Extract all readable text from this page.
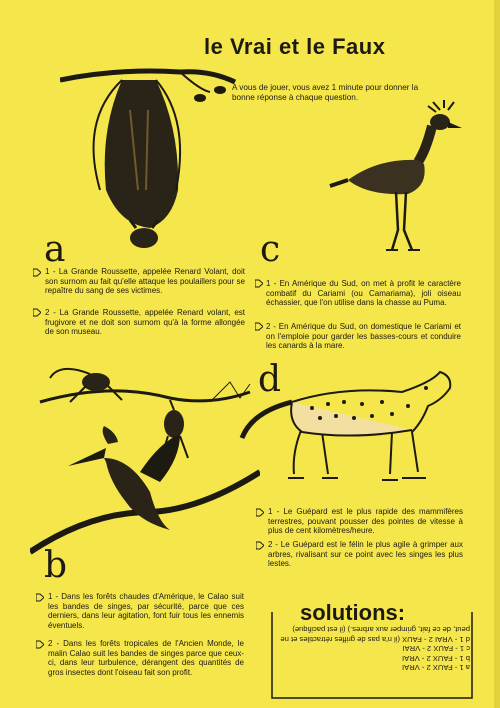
le Vrai et le Faux
A vous de jouer, vous avez 1 minute pour donner la bonne réponse à chaque question.
a	c
1 - La Grande Roussette, appelée Renard Volant, doit son surnom au fait qu'elle attaque les poulaillers pour se repaître du sang de ses victimes.
2 - La Grande Roussette, appelée Renard volant, est frugivore et ne doit son surnom qu'à la forme allongée de son museau.
1 - En Amérique du Sud, on met à profit le caractère combatif du Cariami (ou Camariama), joli oiseau échassier, que l'on utilise dans la chasse au Puma.
2 - En Amérique du Sud, on domestique le Cariami et on l'emploie pour garder les basses-cours et conduire les canards à la mare.
d
1 - Le Guépard est le plus rapide des mammifères terrestres, pouvant pousser des pointes de vitesse à plus de cent kilomètres/heure.
2 - Le Guépard est le félin le plus agile à grimper aux arbres, rivalisant sur ce point avec les singes les plus lestes.
b
1 - Dans les forêts chaudes d'Amérique, le Calao suit les bandes de singes, par sécurité, parce que ces derniers, dans leur agitation, font fuir tous les ennemis éventuels.
2 - Dans les forêts tropicales de l'Ancien Monde, le malin Calao suit les bandes de singes parce que ceux-ci, dans leur turbulence, dérangent des quantités de gros insectes dont l'oiseau fait son profit.
solutions:
a 1 - FAUX 2 - VRAI
b 1 - FAUX 2 - VRAI
c 1 - FAUX 2 - VRAI
d 1 - VRAI 2 - FAUX (il n'a pas de griffes rétractiles et ne peut, de ce fait, grimper aux arbres.) (il est pacifique)
